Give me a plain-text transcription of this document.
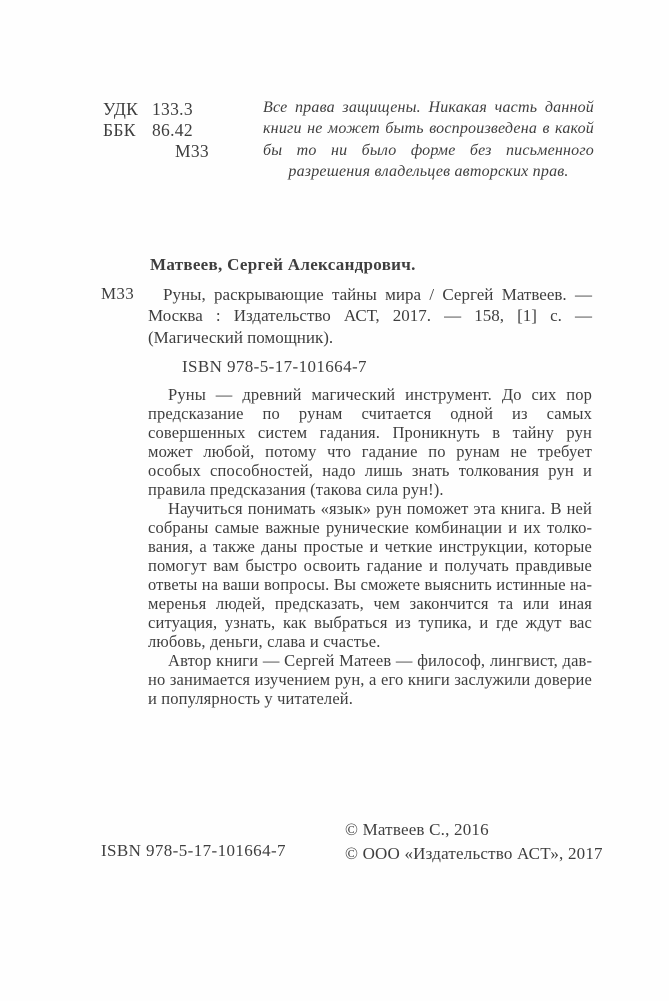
УДК 133.3
ББК 86.42
М33
Все права защищены. Никакая часть данной книги не может быть воспроизведена в какой бы то ни было форме без письменного разрешения владельцев авторских прав.
Матвеев, Сергей Александрович.
М33	Руны, раскрывающие тайны мира / Сергей Матвеев. — Москва : Издательство АСТ, 2017. — 158, [1] с. — (Магический помощник).

ISBN 978-5-17-101664-7

Руны — древний магический инструмент. До сих пор предсказание по рунам считается одной из самых совершенных систем гадания. Проникнуть в тайну рун может любой, потому что гадание по рунам не требует особых способностей, надо лишь знать толкования рун и правила предсказания (такова сила рун!).

Научиться понимать «язык» рун поможет эта книга. В ней собраны самые важные рунические комбинации и их толкования, а также даны простые и четкие инструкции, которые помогут вам быстро освоить гадание и получать правдивые ответы на ваши вопросы. Вы сможете выяснить истинные намеренья людей, предсказать, чем закончится та или иная ситуация, узнать, как выбраться из тупика, и где ждут вас любовь, деньги, слава и счастье.

Автор книги — Сергей Матеев — философ, лингвист, давно занимается изучением рун, а его книги заслужили доверие и популярность у читателей.

ISBN 978-5-17-101664-7
© Матвеев С., 2016
© ООО «Издательство АСТ», 2017
